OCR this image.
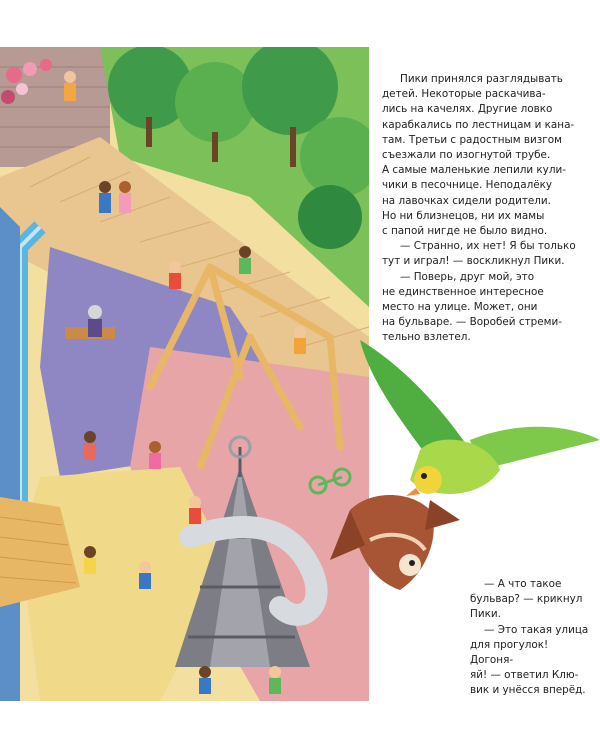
Пики принялся разглядывать
детей. Некоторые раскачива-
лись на качелях. Другие ловко
карабкались по лестницам и кана-
там. Третьи с радостным визгом
съезжали по изогнутой трубе.
А самые маленькие лепили кули-
чики в песочнице. Неподалёку
на лавочках сидели родители.
Но ни близнецов, ни их мамы
с папой нигде не было видно.

— Странно, их нет! Я бы только
тут и играл! — воскликнул Пики.

— Поверь, друг мой, это
не единственное интересное
место на улице. Может, они
на бульваре. — Воробей стреми-
тельно взлетел.

— А что такое
бульвар? — крикнул
Пики.

— Это такая улица
для прогулок! Догоня-
яй! — ответил Клю-
вик и унёсся вперёд.
